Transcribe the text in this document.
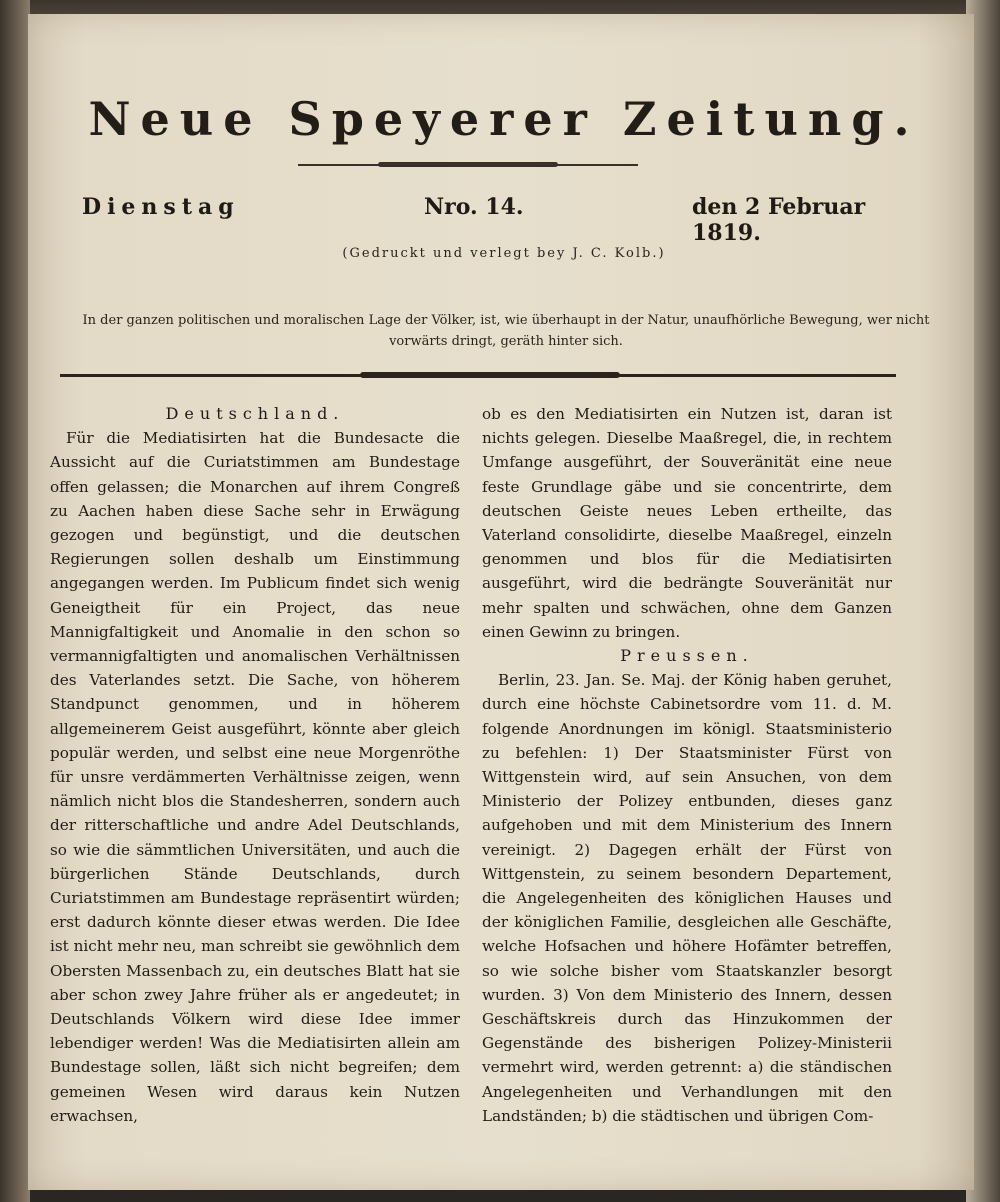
Neue Speyerer Zeitung.
Dienstag	Nro. 14.	den 2 Februar 1819.
(Gedruckt und verlegt bey J. C. Kolb.)
In der ganzen politischen und moralischen Lage der Völker, ist, wie überhaupt in der Natur, unaufhörliche Bewegung, wer nicht vorwärts dringt, geräth hinter sich.

Deutschland.

Für die Mediatisirten hat die Bundesacte die Aussicht auf die Curiatstimmen am Bundestage offen gelassen; die Monarchen auf ihrem Congreß zu Aachen haben diese Sache sehr in Erwägung gezogen und begünstigt, und die deutschen Regierungen sollen deshalb um Einstimmung angegangen werden. Im Publicum findet sich wenig Geneigtheit für ein Project, das neue Mannigfaltigkeit und Anomalie in den schon so vermannigfaltigten und anomalischen Verhältnissen des Vaterlandes setzt. Die Sache, von höherem Standpunct genommen, und in höherem allgemeinerem Geist ausgeführt, könnte aber gleich populär werden, und selbst eine neue Morgenröthe für unsre verdämmerten Verhältnisse zeigen, wenn nämlich nicht blos die Standesherren, sondern auch der ritterschaftliche und andre Adel Deutschlands, so wie die sämmtlichen Universitäten, und auch die bürgerlichen Stände Deutschlands, durch Curiatstimmen am Bundestage repräsentirt würden; erst dadurch könnte dieser etwas werden. Die Idee ist nicht mehr neu, man schreibt sie gewöhnlich dem Obersten Massenbach zu, ein deutsches Blatt hat sie aber schon zwey Jahre früher als er angedeutet; in Deutschlands Völkern wird diese Idee immer lebendiger werden! Was die Mediatisirten allein am Bundestage sollen, läßt sich nicht begreifen; dem gemeinen Wesen wird daraus kein Nutzen erwachsen,

ob es den Mediatisirten ein Nutzen ist, daran ist nichts gelegen. Dieselbe Maaßregel, die, in rechtem Umfange ausgeführt, der Souveränität eine neue feste Grundlage gäbe und sie concentrirte, dem deutschen Geiste neues Leben ertheilte, das Vaterland consolidirte, dieselbe Maaßregel, einzeln genommen und blos für die Mediatisirten ausgeführt, wird die bedrängte Souveränität nur mehr spalten und schwächen, ohne dem Ganzen einen Gewinn zu bringen.

Preussen.

Berlin, 23. Jan. Se. Maj. der König haben geruhet, durch eine höchste Cabinetsordre vom 11. d. M. folgende Anordnungen im königl. Staatsministerio zu befehlen: 1) Der Staatsminister Fürst von Wittgenstein wird, auf sein Ansuchen, von dem Ministerio der Polizey entbunden, dieses ganz aufgehoben und mit dem Ministerium des Innern vereinigt. 2) Dagegen erhält der Fürst von Wittgenstein, zu seinem besondern Departement, die Angelegenheiten des königlichen Hauses und der königlichen Familie, desgleichen alle Geschäfte, welche Hofsachen und höhere Hofämter betreffen, so wie solche bisher vom Staatskanzler besorgt wurden. 3) Von dem Ministerio des Innern, dessen Geschäftskreis durch das Hinzukommen der Gegenstände des bisherigen Polizey-Ministerii vermehrt wird, werden getrennt: a) die ständischen Angelegenheiten und Verhandlungen mit den Landständen; b) die städtischen und übrigen Com-
